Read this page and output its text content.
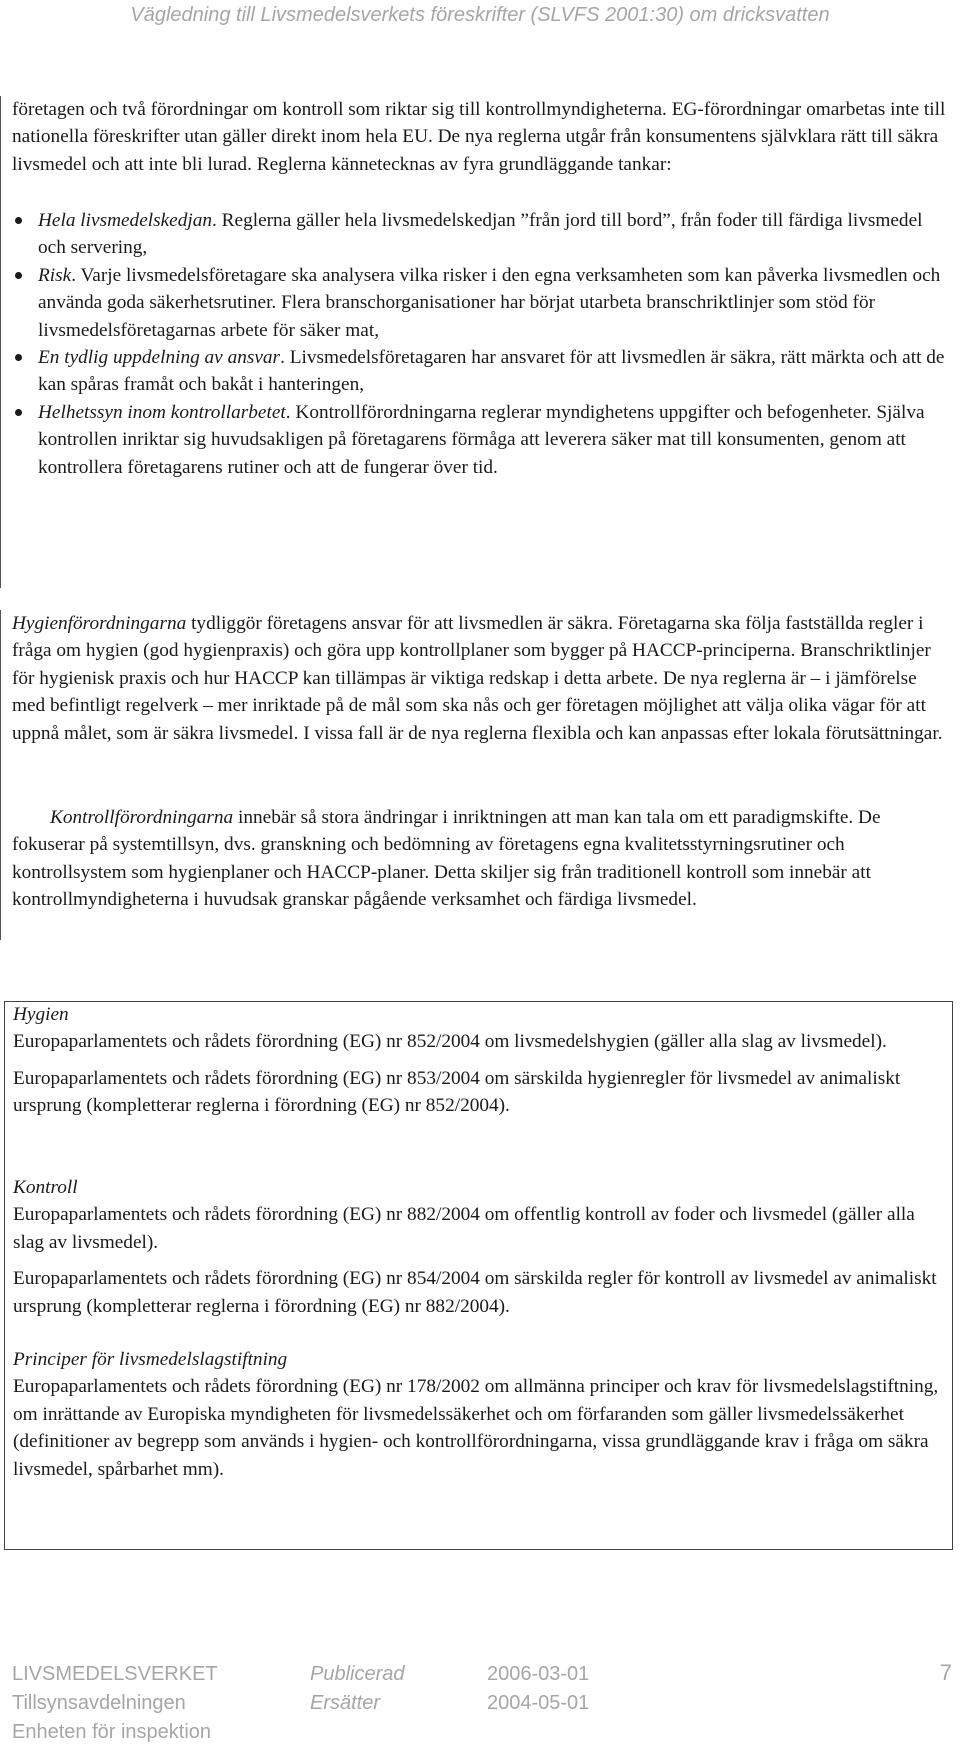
Vägledning till Livsmedelsverkets föreskrifter (SLVFS 2001:30) om dricksvatten
företagen och två förordningar om kontroll som riktar sig till kontrollmyndigheterna. EG-förordningar omarbetas inte till nationella föreskrifter utan gäller direkt inom hela EU. De nya reglerna utgår från konsumentens självklara rätt till säkra livsmedel och att inte bli lurad. Reglerna kännetecknas av fyra grundläggande tankar:
Hela livsmedelskedjan. Reglerna gäller hela livsmedelskedjan ”från jord till bord”, från foder till färdiga livsmedel och servering,
Risk. Varje livsmedelsföretagare ska analysera vilka risker i den egna verksamheten som kan påverka livsmedlen och använda goda säkerhetsrutiner. Flera branschorganisationer har börjat utarbeta branschriktlinjer som stöd för livsmedelsföretagarnas arbete för säker mat,
En tydlig uppdelning av ansvar. Livsmedelsföretagaren har ansvaret för att livsmedlen är säkra, rätt märkta och att de kan spåras framåt och bakåt i hanteringen,
Helhetssyn inom kontrollarbetet. Kontrollförordningarna reglerar myndighetens uppgifter och befogenheter. Själva kontrollen inriktar sig huvudsakligen på företagarens förmåga att leverera säker mat till konsumenten, genom att kontrollera företagarens rutiner och att de fungerar över tid.
Hygienförordningarna tydliggör företagens ansvar för att livsmedlen är säkra. Företagarna ska följa fastställda regler i fråga om hygien (god hygienpraxis) och göra upp kontrollplaner som bygger på HACCP-principerna. Branschriktlinjer för hygienisk praxis och hur HACCP kan tillämpas är viktiga redskap i detta arbete. De nya reglerna är – i jämförelse med befintligt regelverk – mer inriktade på de mål som ska nås och ger företagen möjlighet att välja olika vägar för att uppnå målet, som är säkra livsmedel. I vissa fall är de nya reglerna flexibla och kan anpassas efter lokala förutsättningar.
Kontrollförordningarna innebär så stora ändringar i inriktningen att man kan tala om ett paradigmskifte. De fokuserar på systemtillsyn, dvs. granskning och bedömning av företagens egna kvalitetsstyrningsrutiner och kontrollsystem som hygienplaner och HACCP-planer. Detta skiljer sig från traditionell kontroll som innebär att kontrollmyndigheterna i huvudsak granskar pågående verksamhet och färdiga livsmedel.
Hygien
Europaparlamentets och rådets förordning (EG) nr 852/2004 om livsmedelshygien (gäller alla slag av livsmedel).
Europaparlamentets och rådets förordning (EG) nr 853/2004 om särskilda hygienregler för livsmedel av animaliskt ursprung (kompletterar reglerna i förordning (EG) nr 852/2004).
Kontroll
Europaparlamentets och rådets förordning (EG) nr 882/2004 om offentlig kontroll av foder och livsmedel (gäller alla slag av livsmedel).
Europaparlamentets och rådets förordning (EG) nr 854/2004 om särskilda regler för kontroll av livsmedel av animaliskt ursprung (kompletterar reglerna i förordning (EG) nr 882/2004).
Principer för livsmedelslagstiftning
Europaparlamentets och rådets förordning (EG) nr 178/2002 om allmänna principer och krav för livsmedelslagstiftning, om inrättande av Europiska myndigheten för livsmedelssäkerhet och om förfaranden som gäller livsmedelssäkerhet (definitioner av begrepp som används i hygien- och kontrollförordningarna, vissa grundläggande krav i fråga om säkra livsmedel, spårbarhet mm).
LIVSMEDELSVERKET
Tillsynsavdelningen
Enheten för inspektion
Publicerad
Ersätter
2006-03-01
2004-05-01
7
